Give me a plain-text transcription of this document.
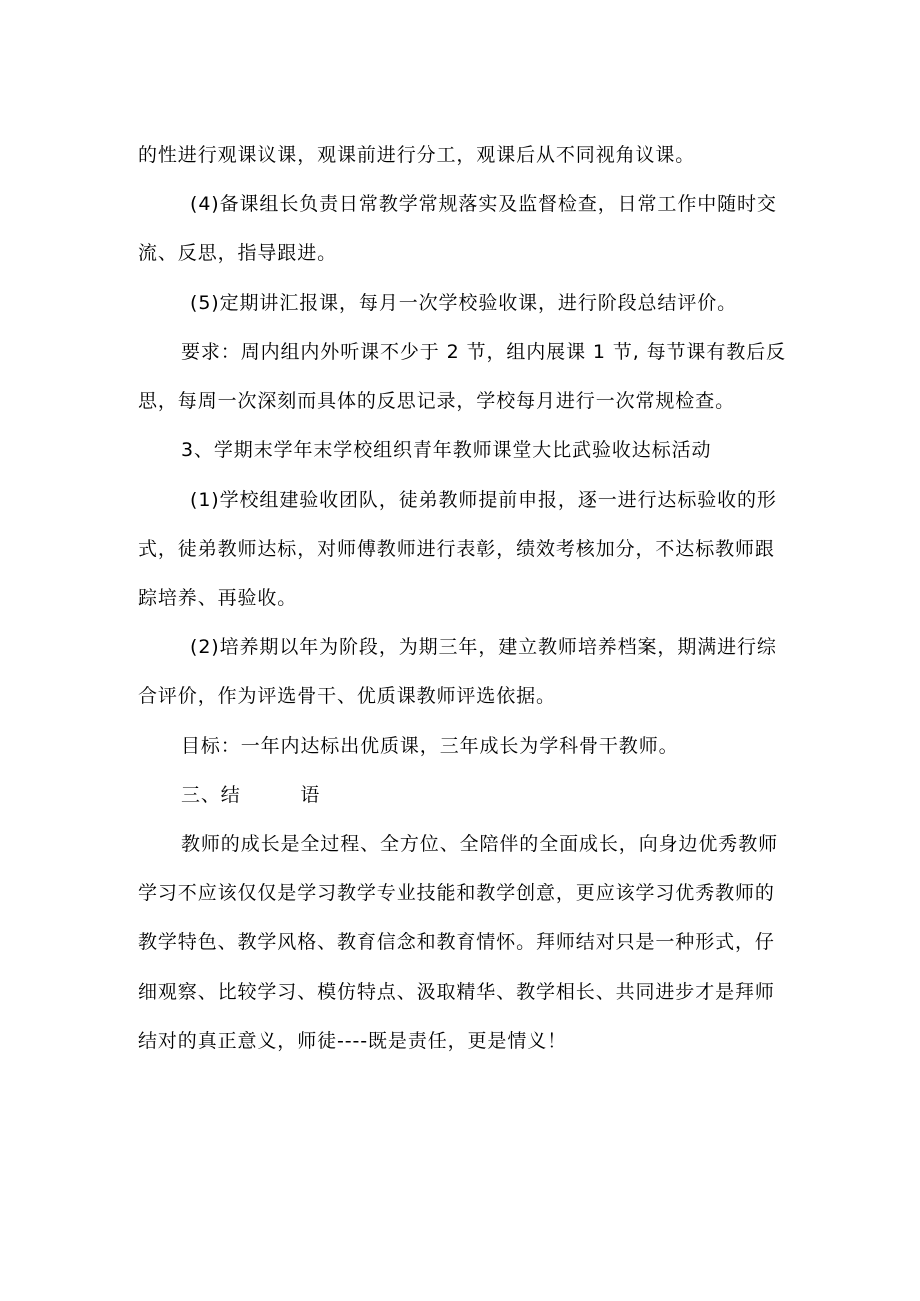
的性进行观课议课，观课前进行分工，观课后从不同视角议课。
(4)备课组长负责日常教学常规落实及监督检查，日常工作中随时交
流、反思，指导跟进。
(5)定期讲汇报课，每月一次学校验收课，进行阶段总结评价。
要求：周内组内外听课不少于 2 节，组内展课 1 节, 每节课有教后反
思，每周一次深刻而具体的反思记录，学校每月进行一次常规检查。
3、学期末学年末学校组织青年教师课堂大比武验收达标活动
(1)学校组建验收团队，徒弟教师提前申报，逐一进行达标验收的形
式，徒弟教师达标，对师傅教师进行表彰，绩效考核加分，不达标教师跟
踪培养、再验收。
(2)培养期以年为阶段，为期三年，建立教师培养档案，期满进行综
合评价，作为评选骨干、优质课教师评选依据。
目标：一年内达标出优质课，三年成长为学科骨干教师。
三、结　　　语
教师的成长是全过程、全方位、全陪伴的全面成长，向身边优秀教师
学习不应该仅仅是学习教学专业技能和教学创意，更应该学习优秀教师的
教学特色、教学风格、教育信念和教育情怀。拜师结对只是一种形式，仔
细观察、比较学习、模仿特点、汲取精华、教学相长、共同进步才是拜师
结对的真正意义，师徒----既是责任，更是情义！
